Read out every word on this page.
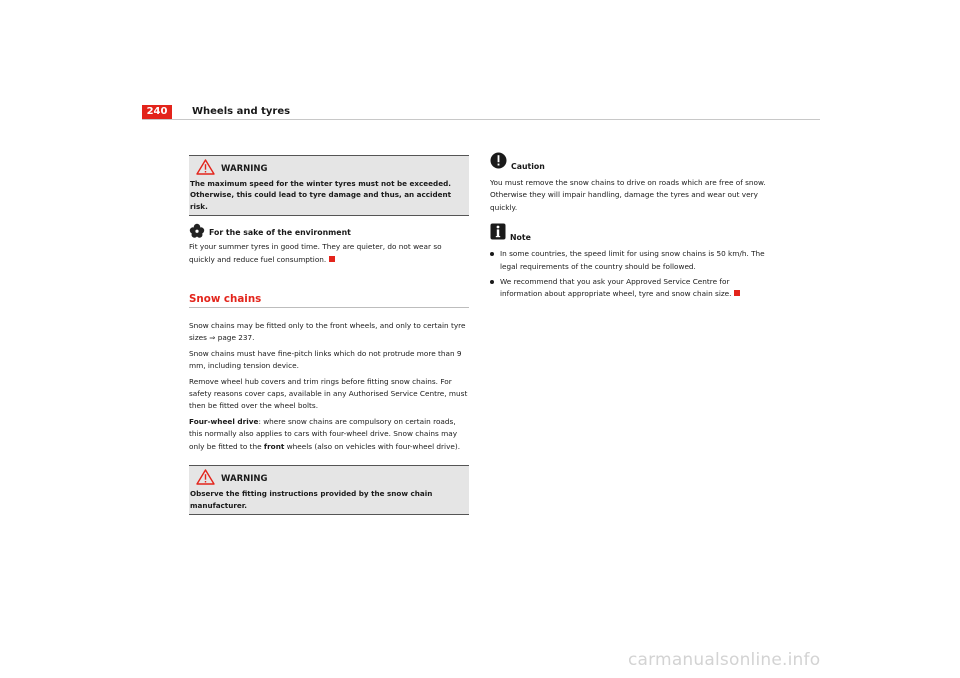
240	Wheels and tyres
WARNING

The maximum speed for the winter tyres must not be exceeded. Otherwise, this could lead to tyre damage and thus, an accident risk.

For the sake of the environment

Fit your summer tyres in good time. They are quieter, do not wear so quickly and reduce fuel consumption.

Snow chains

Snow chains may be fitted only to the front wheels, and only to certain tyre sizes ⇒ page 237.

Snow chains must have fine-pitch links which do not protrude more than 9 mm, including tension device.

Remove wheel hub covers and trim rings before fitting snow chains. For safety reasons cover caps, available in any Authorised Service Centre, must then be fitted over the wheel bolts.

Four-wheel drive: where snow chains are compulsory on certain roads, this normally also applies to cars with four-wheel drive. Snow chains may only be fitted to the front wheels (also on vehicles with four-wheel drive).

WARNING

Observe the fitting instructions provided by the snow chain manufacturer.

Caution

You must remove the snow chains to drive on roads which are free of snow. Otherwise they will impair handling, damage the tyres and wear out very quickly.

Note
In some countries, the speed limit for using snow chains is 50 km/h. The legal requirements of the country should be followed.
We recommend that you ask your Approved Service Centre for information about appropriate wheel, tyre and snow chain size.
carmanualsonline.info
